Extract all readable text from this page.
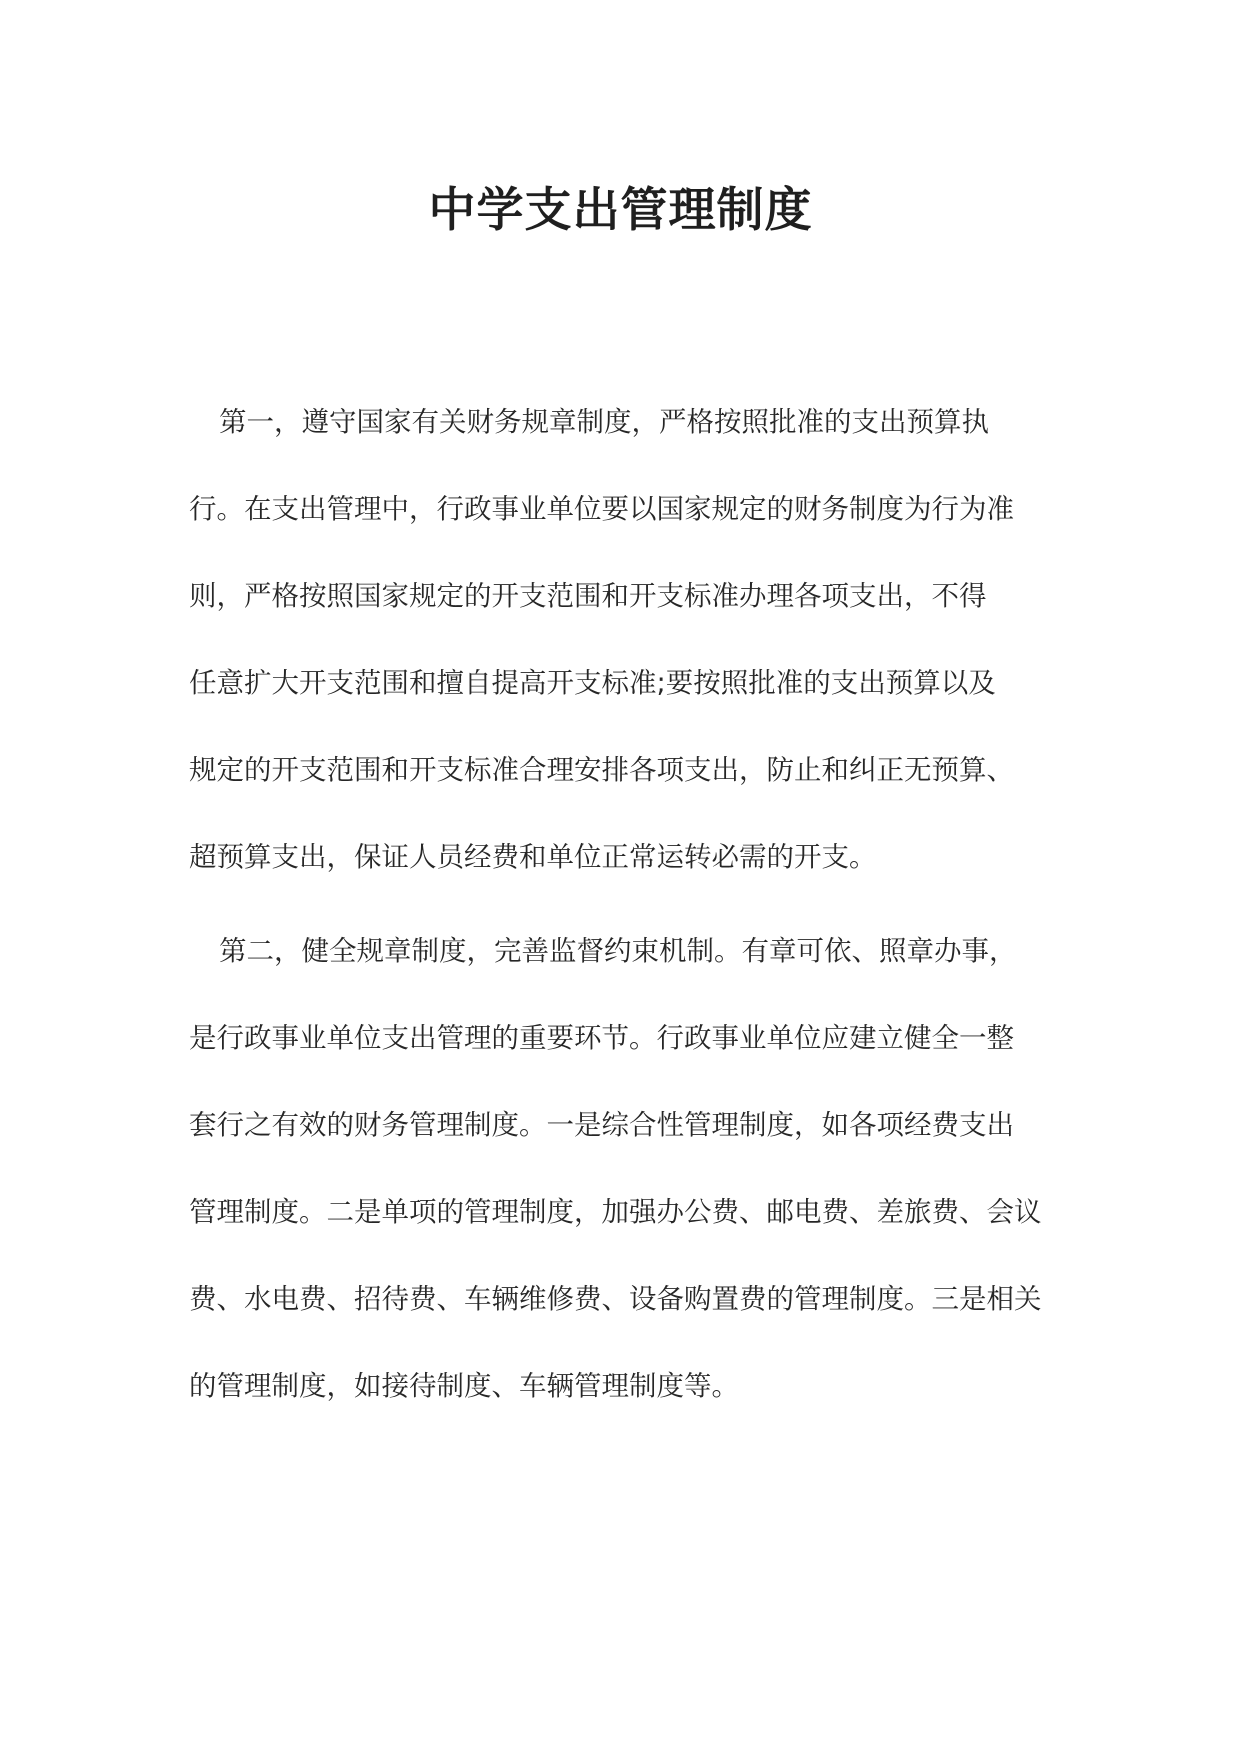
中学支出管理制度
第一，遵守国家有关财务规章制度，严格按照批准的支出预算执
行。在支出管理中，行政事业单位要以国家规定的财务制度为行为准
则，严格按照国家规定的开支范围和开支标准办理各项支出，不得
任意扩大开支范围和擅自提高开支标准;要按照批准的支出预算以及
规定的开支范围和开支标准合理安排各项支出，防止和纠正无预算、
超预算支出，保证人员经费和单位正常运转必需的开支。
第二，健全规章制度，完善监督约束机制。有章可依、照章办事，
是行政事业单位支出管理的重要环节。行政事业单位应建立健全一整
套行之有效的财务管理制度。一是综合性管理制度，如各项经费支出
管理制度。二是单项的管理制度，加强办公费、邮电费、差旅费、会议
费、水电费、招待费、车辆维修费、设备购置费的管理制度。三是相关
的管理制度，如接待制度、车辆管理制度等。
